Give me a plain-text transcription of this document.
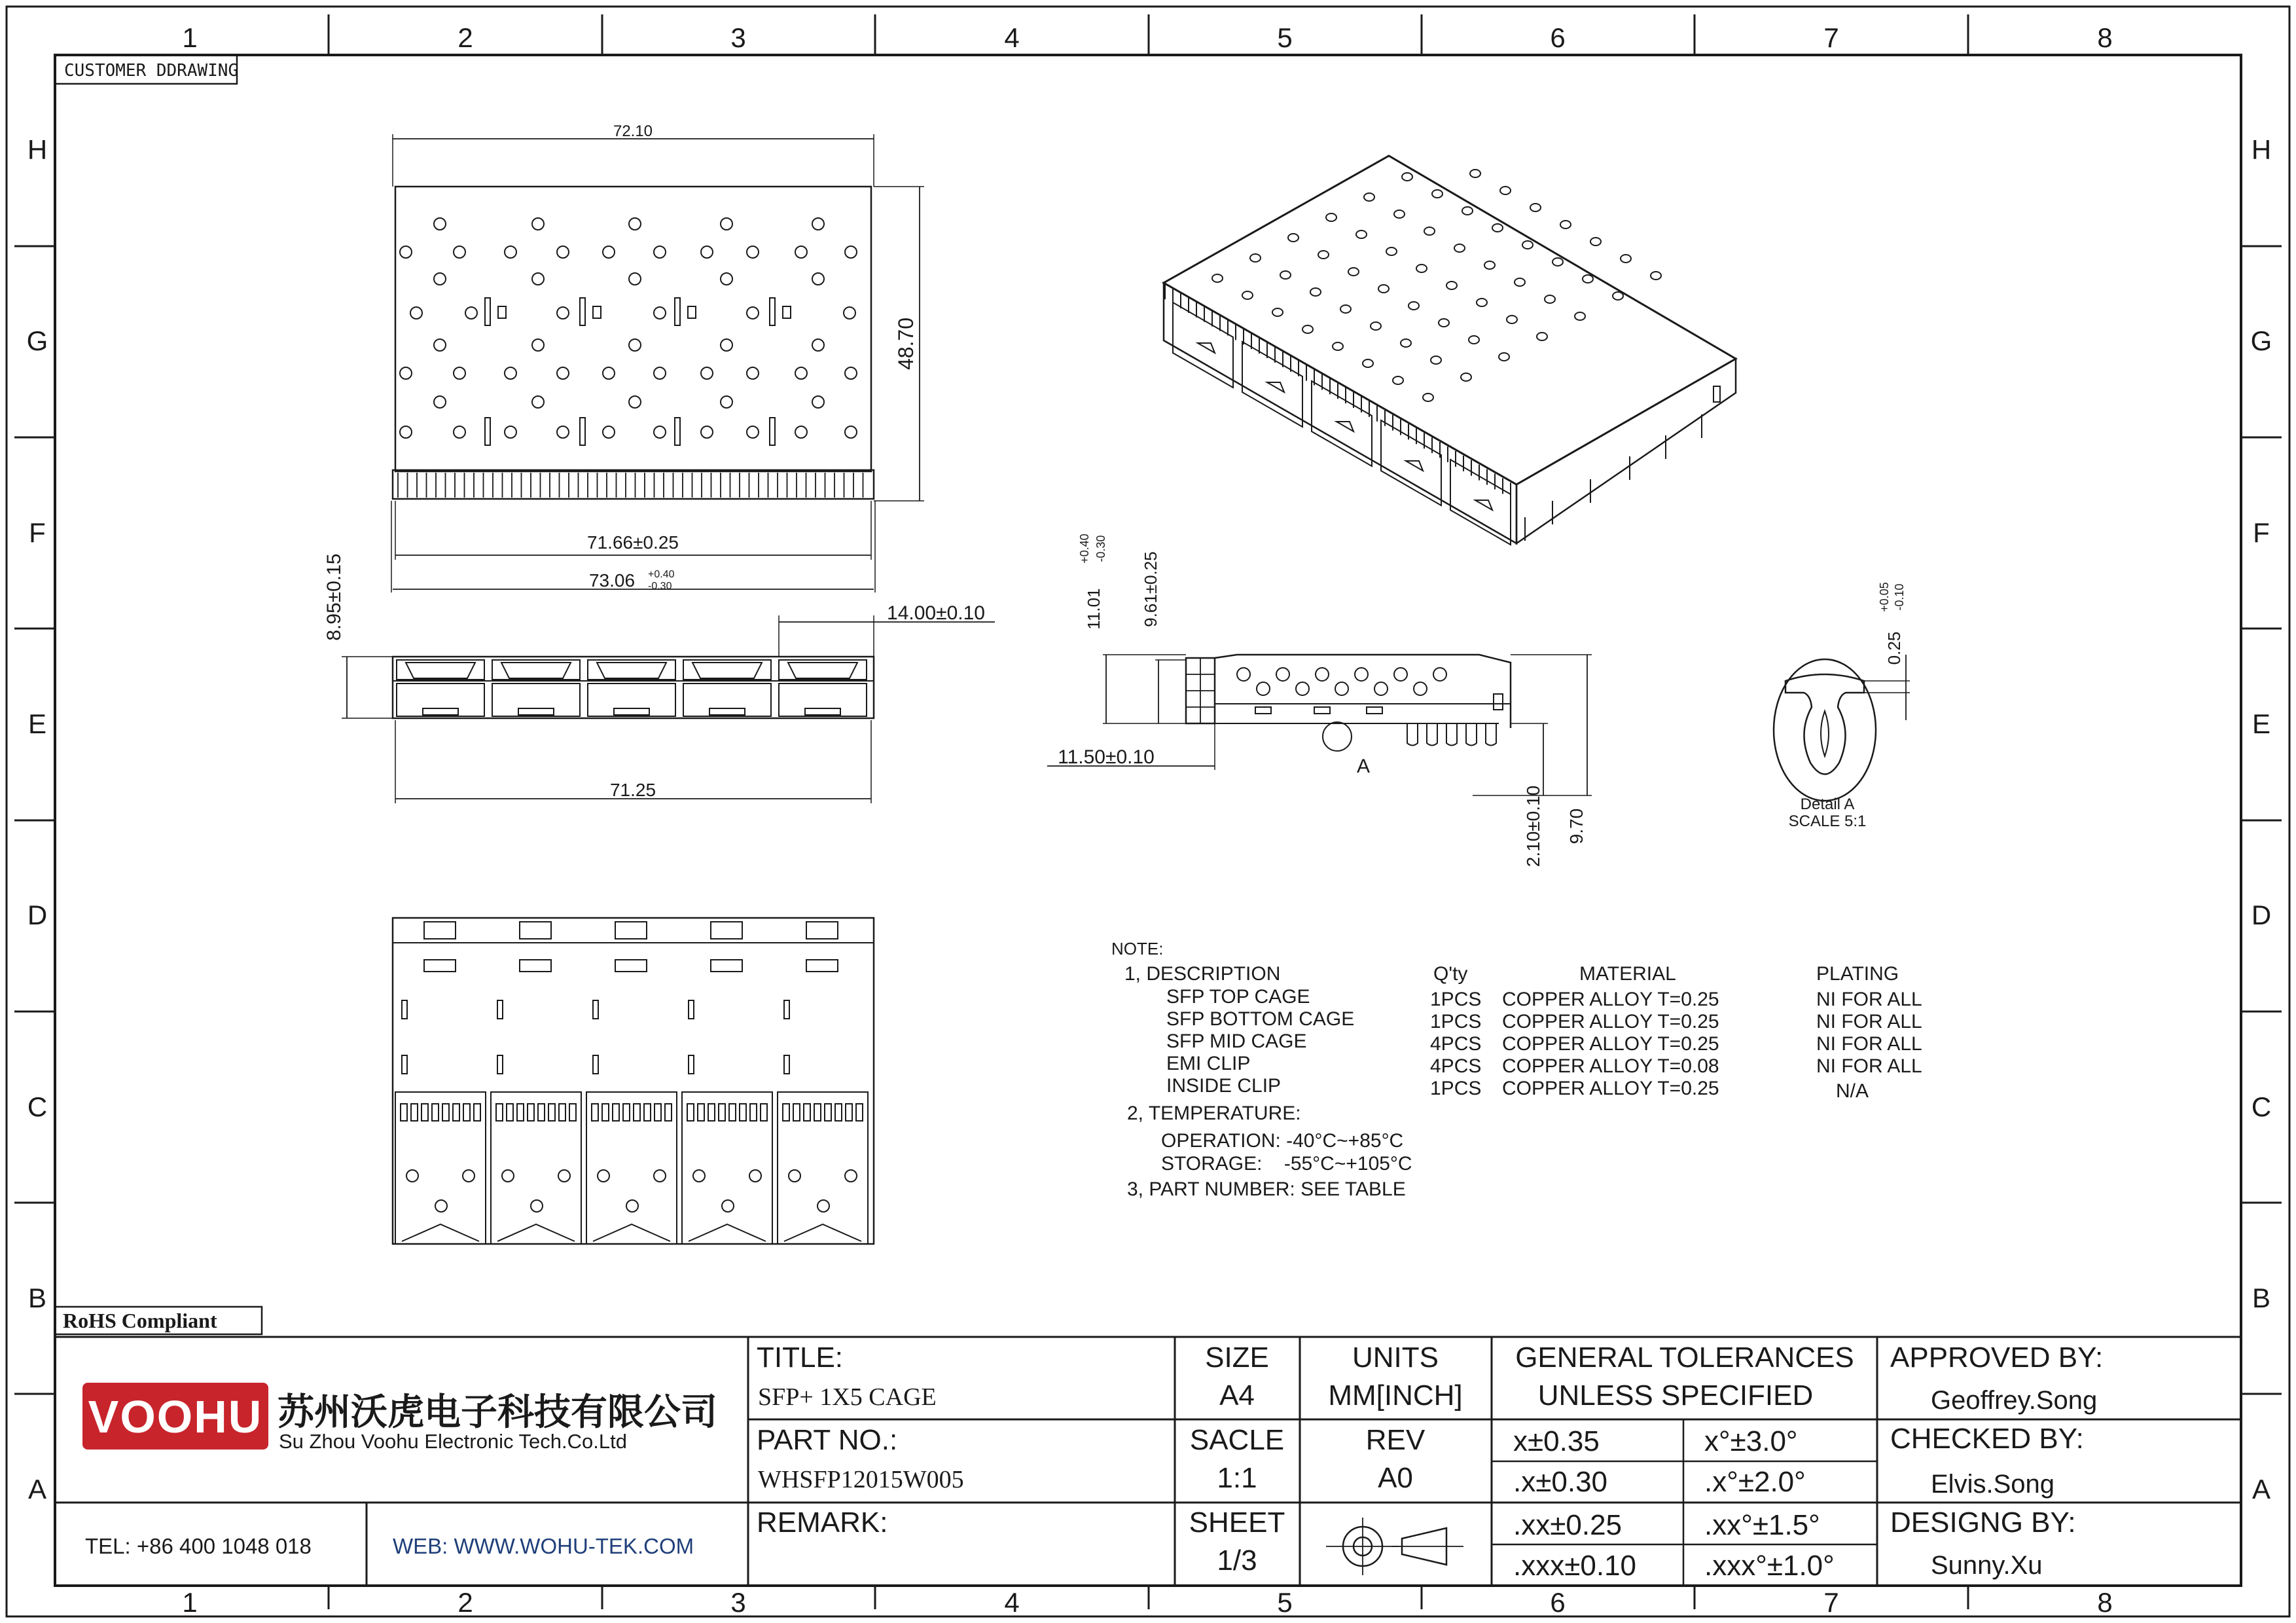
1	2	3	4	5	6	7	8
1	2	3	4	5	6	7	8
H
G
F
E
D
C
B
A
H
G
F
E
D
C
B
A
CUSTOMER DDRAWING
72.10
48.70
71.66±0.25
73.06 +0.40
-0.30
8.95±0.15	14.00±0.10
71.25
11.01
+0.40 -0.30
9.61±0.25
11.50±0.10
2.10±0.10 9.70
A
0.25
+0.05 -0.10
Detail A
SCALE 5:1
NOTE:
1, DESCRIPTION	Q'ty	MATERIAL	PLATING
SFP TOP CAGE	1PCS COPPER ALLOY T=0.25	NI FOR ALL
SFP BOTTOM CAGE	1PCS COPPER ALLOY T=0.25	NI FOR ALL
SFP MID CAGE	4PCS COPPER ALLOY T=0.25	NI FOR ALL
EMI CLIP	4PCS COPPER ALLOY T=0.08	NI FOR ALL
INSIDE CLIP	1PCS COPPER ALLOY T=0.25	N/A
2, TEMPERATURE:
OPERATION: -40°C~+85°C
STORAGE:    -55°C~+105°C
3, PART NUMBER: SEE TABLE
RoHS Compliant
VOOHU 苏州沃虎电子科技有限公司
Su Zhou Voohu Electronic Tech.Co.Ltd
TEL: +86 400 1048 018	WEB: WWW.WOHU-TEK.COM
TITLE:
SFP+ 1X5 CAGE
PART NO.:
WHSFP12015W005
REMARK:
SIZE
A4
UNITS
MM[INCH]
SACLE
1:1
REV
A0
SHEET
1/3
GENERAL TOLERANCES
UNLESS SPECIFIED
x±0.35	x°±3.0°
.x±0.30	.x°±2.0°
.xx±0.25	.xx°±1.5°
.xxx±0.10 .xxx°±1.0°
APPROVED BY:
Geoffrey.Song
CHECKED BY:
Elvis.Song
DESIGNG BY:
Sunny.Xu
